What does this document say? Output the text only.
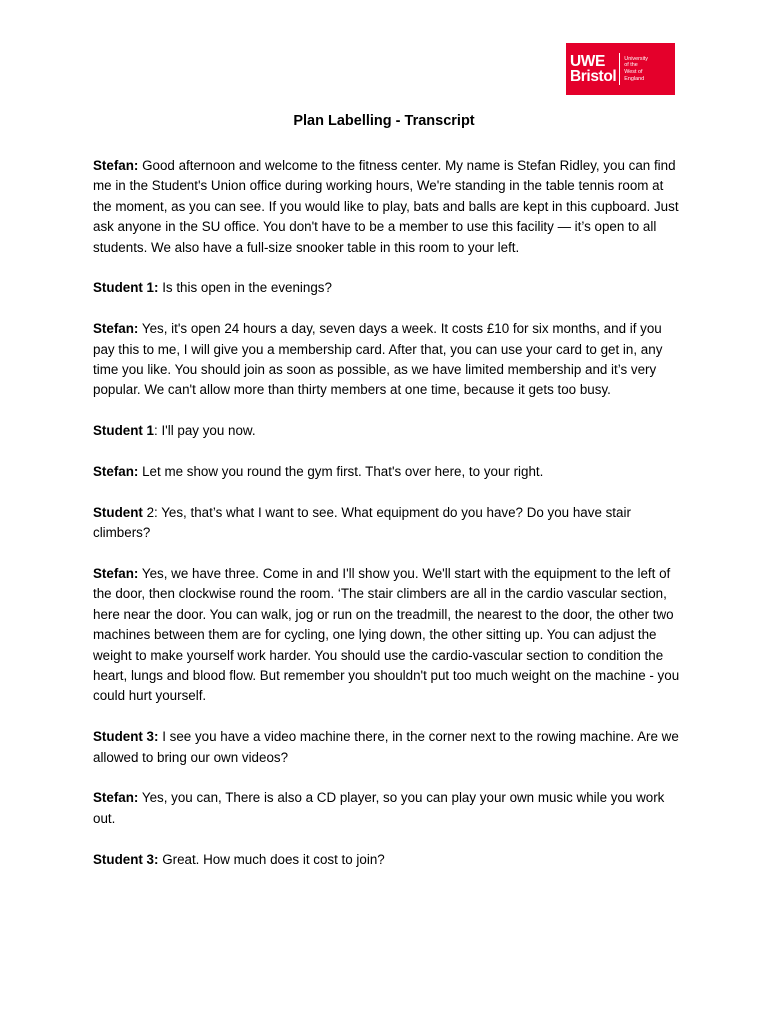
UWE
Bristol
University
of the
West of
England
Plan Labelling - Transcript

Stefan: Good afternoon and welcome to the fitness center. My name is Stefan Ridley, you can find me in the Student's Union office during working hours, We're standing in the table tennis room at the moment, as you can see. If you would like to play, bats and balls are kept in this cupboard. Just ask anyone in the SU office. You don't have to be a member to use this facility — it’s open to all students. We also have a full-size snooker table in this room to your left.

Student 1: Is this open in the evenings?

Stefan: Yes, it's open 24 hours a day, seven days a week. It costs £10 for six months, and if you pay this to me, I will give you a membership card. After that, you can use your card to get in, any time you like. You should join as soon as possible, as we have limited membership and it’s very popular. We can't allow more than thirty members at one time, because it gets too busy.

Student 1: I'll pay you now.

Stefan: Let me show you round the gym first. That's over here, to your right.

Student 2: Yes, that’s what I want to see. What equipment do you have? Do you have stair climbers?

Stefan: Yes, we have three. Come in and I'll show you. We'll start with the equipment to the left of the door, then clockwise round the room. ‘The stair climbers are all in the cardio vascular section, here near the door. You can walk, jog or run on the treadmill, the nearest to the door, the other two machines between them are for cycling, one lying down, the other sitting up. You can adjust the weight to make yourself work harder. You should use the cardio-vascular section to condition the heart, lungs and blood flow. But remember you shouldn't put too much weight on the machine - you could hurt yourself.

Student 3: I see you have a video machine there, in the corner next to the rowing machine. Are we allowed to bring our own videos?

Stefan: Yes, you can, There is also a CD player, so you can play your own music while you work out.

Student 3: Great. How much does it cost to join?
